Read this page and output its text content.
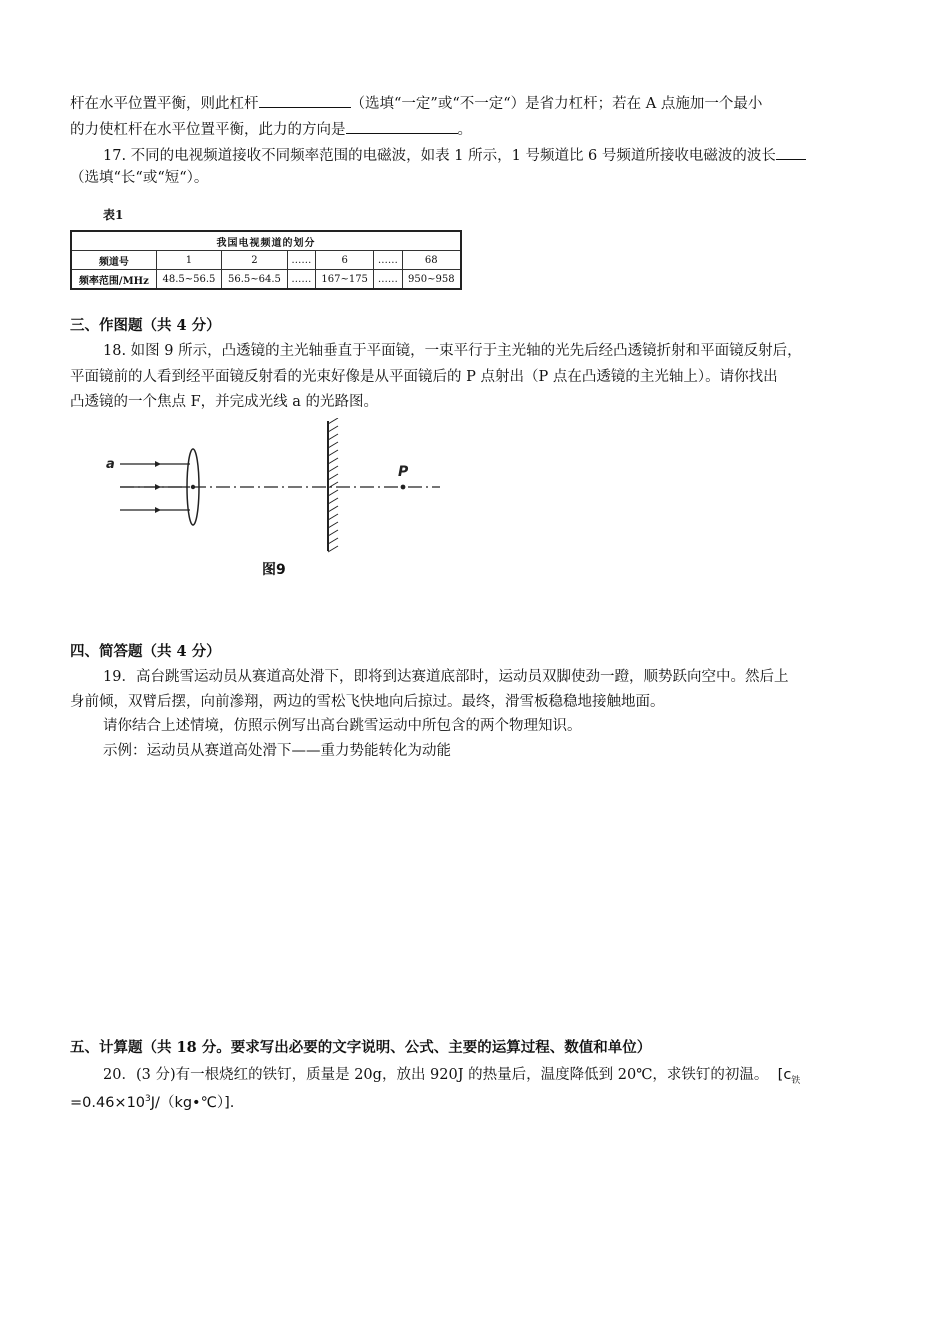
杆在水平位置平衡，则此杠杆	（选填“一定”或“不一定“）是省力杠杆；若在 A 点施加一个最小
的力使杠杆在水平位置平衡，此力的方向是	。
17. 不同的电视频道接收不同频率范围的电磁波，如表 1 所示，1 号频道比 6 号频道所接收电磁波的波长
（选填“长“或“短“）。
表1
我国电视频道的划分						
频道号	1	2	……	6	……	68
频率范围/MHz	48.5~56.5	56.5~64.5	……	167~175	……	950~958
三、作图题（共 4 分）
18. 如图 9 所示，凸透镜的主光轴垂直于平面镜，一束平行于主光轴的光先后经凸透镜折射和平面镜反射后，
平面镜前的人看到经平面镜反射看的光束好像是从平面镜后的 P 点射出（P 点在凸透镜的主光轴上）。请你找出
凸透镜的一个焦点 F，并完成光线 a 的光路图。
P
a
图9
四、简答题（共 4 分）
19．高台跳雪运动员从赛道高处滑下，即将到达赛道底部时，运动员双脚使劲一蹬，顺势跃向空中。然后上
身前倾，双臂后摆，向前滲翔，两边的雪松飞快地向后掠过。最终，滑雪板稳稳地接触地面。
请你结合上述情境，仿照示例写出高台跳雪运动中所包含的两个物理知识。
示例：运动员从赛道高处滑下——重力势能转化为动能
五、计算题（共 18 分。要求写出必要的文字说明、公式、主要的运算过程、数值和单位）
20．(3 分)有一根烧红的铁钉，质量是 20g，放出 920J 的热量后，温度降低到 20℃，求铁钉的初温。 [$c_铁$
$=0.46\times 10^3J/(kg•℃)$].
